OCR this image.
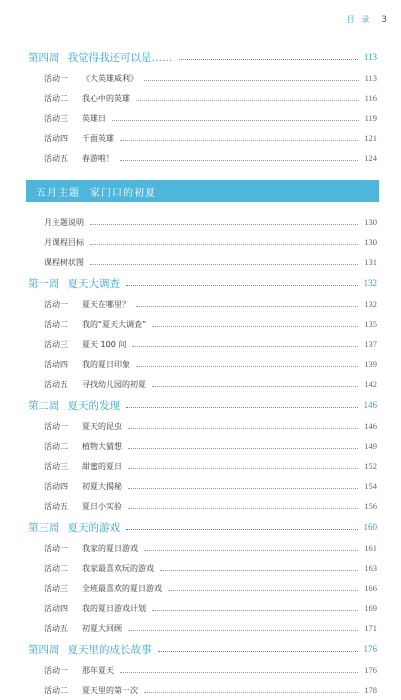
目 录 3
第四周 我觉得我还可以是……	113
活动一 《大英雄威利》	113
活动二 我心中的英雄	116
活动三 英雄日	119
活动四 千面英雄	121
活动五 春游啦！	124
五月主题 家门口的初夏
月主题说明	130
月课程目标	130
课程树状图	131
第一周 夏天大调查	132
活动一 夏天在哪里？	132
活动二 我的“夏天大调查”	135
活动三 夏天 100 问	137
活动四 我的夏日印象	139
活动五 寻找幼儿园的初夏	142
第二周 夏天的发现	146
活动一 夏天的昆虫	146
活动二 植物大猜想	149
活动三 甜蜜的夏日	152
活动四 初夏大揭秘	154
活动五 夏日小实验	156
第三周 夏天的游戏	160
活动一 我家的夏日游戏	161
活动二 我家最喜欢玩的游戏	163
活动三 全班最喜欢的夏日游戏	166
活动四 我的夏日游戏计划	169
活动五 初夏大回顾	171
第四周 夏天里的成长故事	176
活动一 那年夏天	176
活动二 夏天里的第一次	178
